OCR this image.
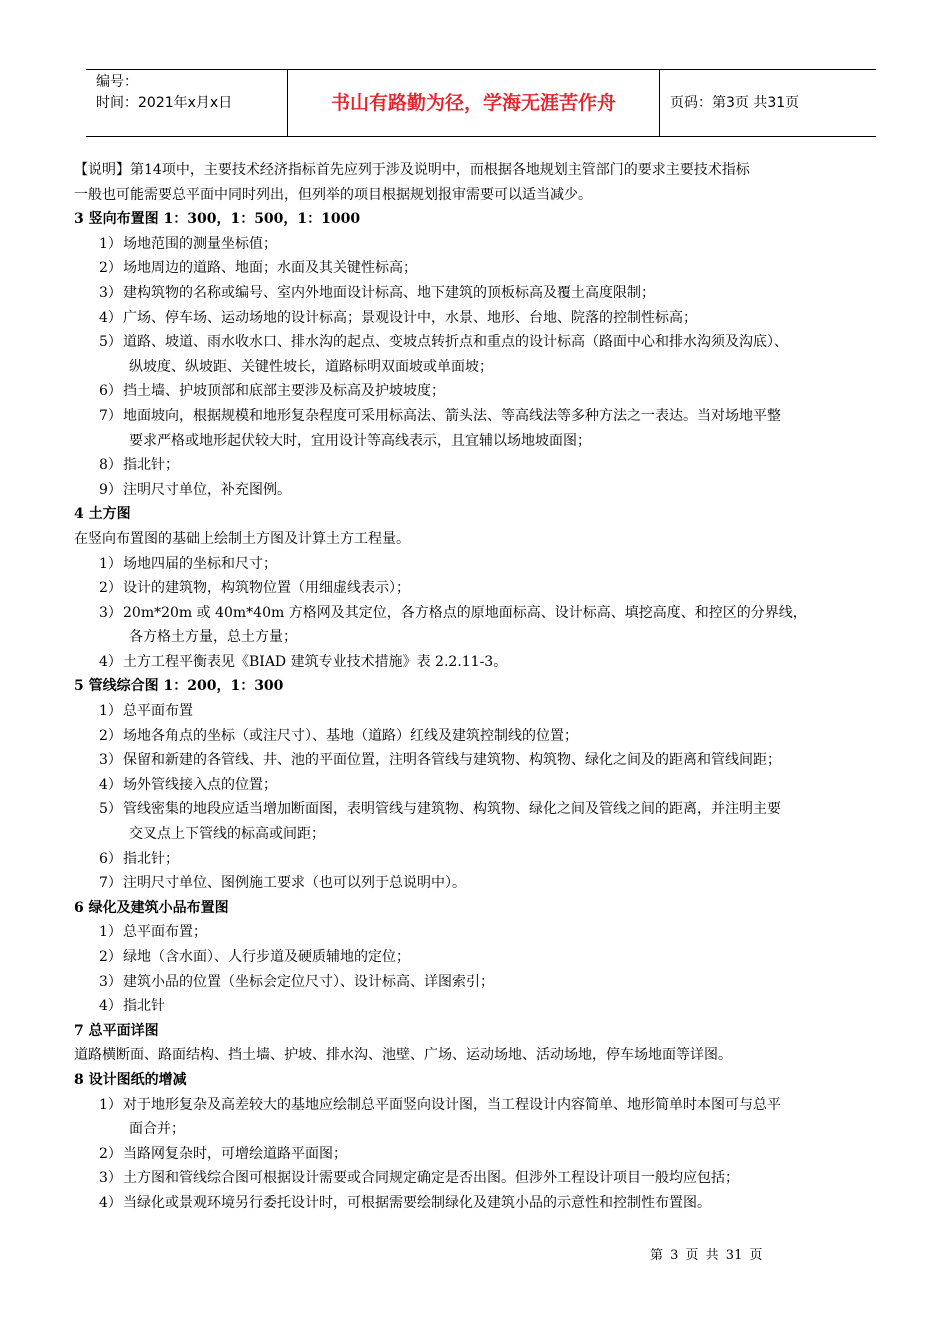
编号：
时间：2021年x月x日	书山有路勤为径，学海无涯苦作舟	页码：第3页 共31页
【说明】第14项中，主要技术经济指标首先应列于涉及说明中，而根据各地规划主管部门的要求主要技术指标
一般也可能需要总平面中同时列出，但列举的项目根据规划报审需要可以适当减少。
3 竖向布置图 1：300，1：500，1：1000
1）场地范围的测量坐标值；
2）场地周边的道路、地面；水面及其关键性标高；
3）建构筑物的名称或编号、室内外地面设计标高、地下建筑的顶板标高及覆土高度限制；
4）广场、停车场、运动场地的设计标高；景观设计中，水景、地形、台地、院落的控制性标高；
5）道路、坡道、雨水收水口、排水沟的起点、变坡点转折点和重点的设计标高（路面中心和排水沟须及沟底）、
纵坡度、纵坡距、关键性坡长，道路标明双面坡或单面坡；
6）挡土墙、护坡顶部和底部主要涉及标高及护坡坡度；
7）地面坡向，根据规模和地形复杂程度可采用标高法、箭头法、等高线法等多种方法之一表达。当对场地平整
要求严格或地形起伏较大时，宜用设计等高线表示，且宜辅以场地坡面图；
8）指北针；
9）注明尺寸单位，补充图例。
4 土方图
在竖向布置图的基础上绘制土方图及计算土方工程量。
1）场地四届的坐标和尺寸；
2）设计的建筑物，构筑物位置（用细虚线表示）；
3）20m*20m 或 40m*40m 方格网及其定位，各方格点的原地面标高、设计标高、填挖高度、和控区的分界线，
各方格土方量，总土方量；
4）土方工程平衡表见《BIAD 建筑专业技术措施》表 2.2.11-3。
5 管线综合图 1：200，1：300
1）总平面布置
2）场地各角点的坐标（或注尺寸）、基地（道路）红线及建筑控制线的位置；
3）保留和新建的各管线、井、池的平面位置，注明各管线与建筑物、构筑物、绿化之间及的距离和管线间距；
4）场外管线接入点的位置；
5）管线密集的地段应适当增加断面图，表明管线与建筑物、构筑物、绿化之间及管线之间的距离，并注明主要
交叉点上下管线的标高或间距；
6）指北针；
7）注明尺寸单位、图例施工要求（也可以列于总说明中）。
6 绿化及建筑小品布置图
1）总平面布置；
2）绿地（含水面）、人行步道及硬质辅地的定位；
3）建筑小品的位置（坐标会定位尺寸）、设计标高、详图索引；
4）指北针
7 总平面详图
道路横断面、路面结构、挡土墙、护坡、排水沟、池壁、广场、运动场地、活动场地，停车场地面等详图。
8 设计图纸的增减
1）对于地形复杂及高差较大的基地应绘制总平面竖向设计图，当工程设计内容简单、地形简单时本图可与总平
面合并；
2）当路网复杂时，可增绘道路平面图；
3）土方图和管线综合图可根据设计需要或合同规定确定是否出图。但涉外工程设计项目一般均应包括；
4）当绿化或景观环境另行委托设计时，可根据需要绘制绿化及建筑小品的示意性和控制性布置图。
第 3 页 共 31 页
